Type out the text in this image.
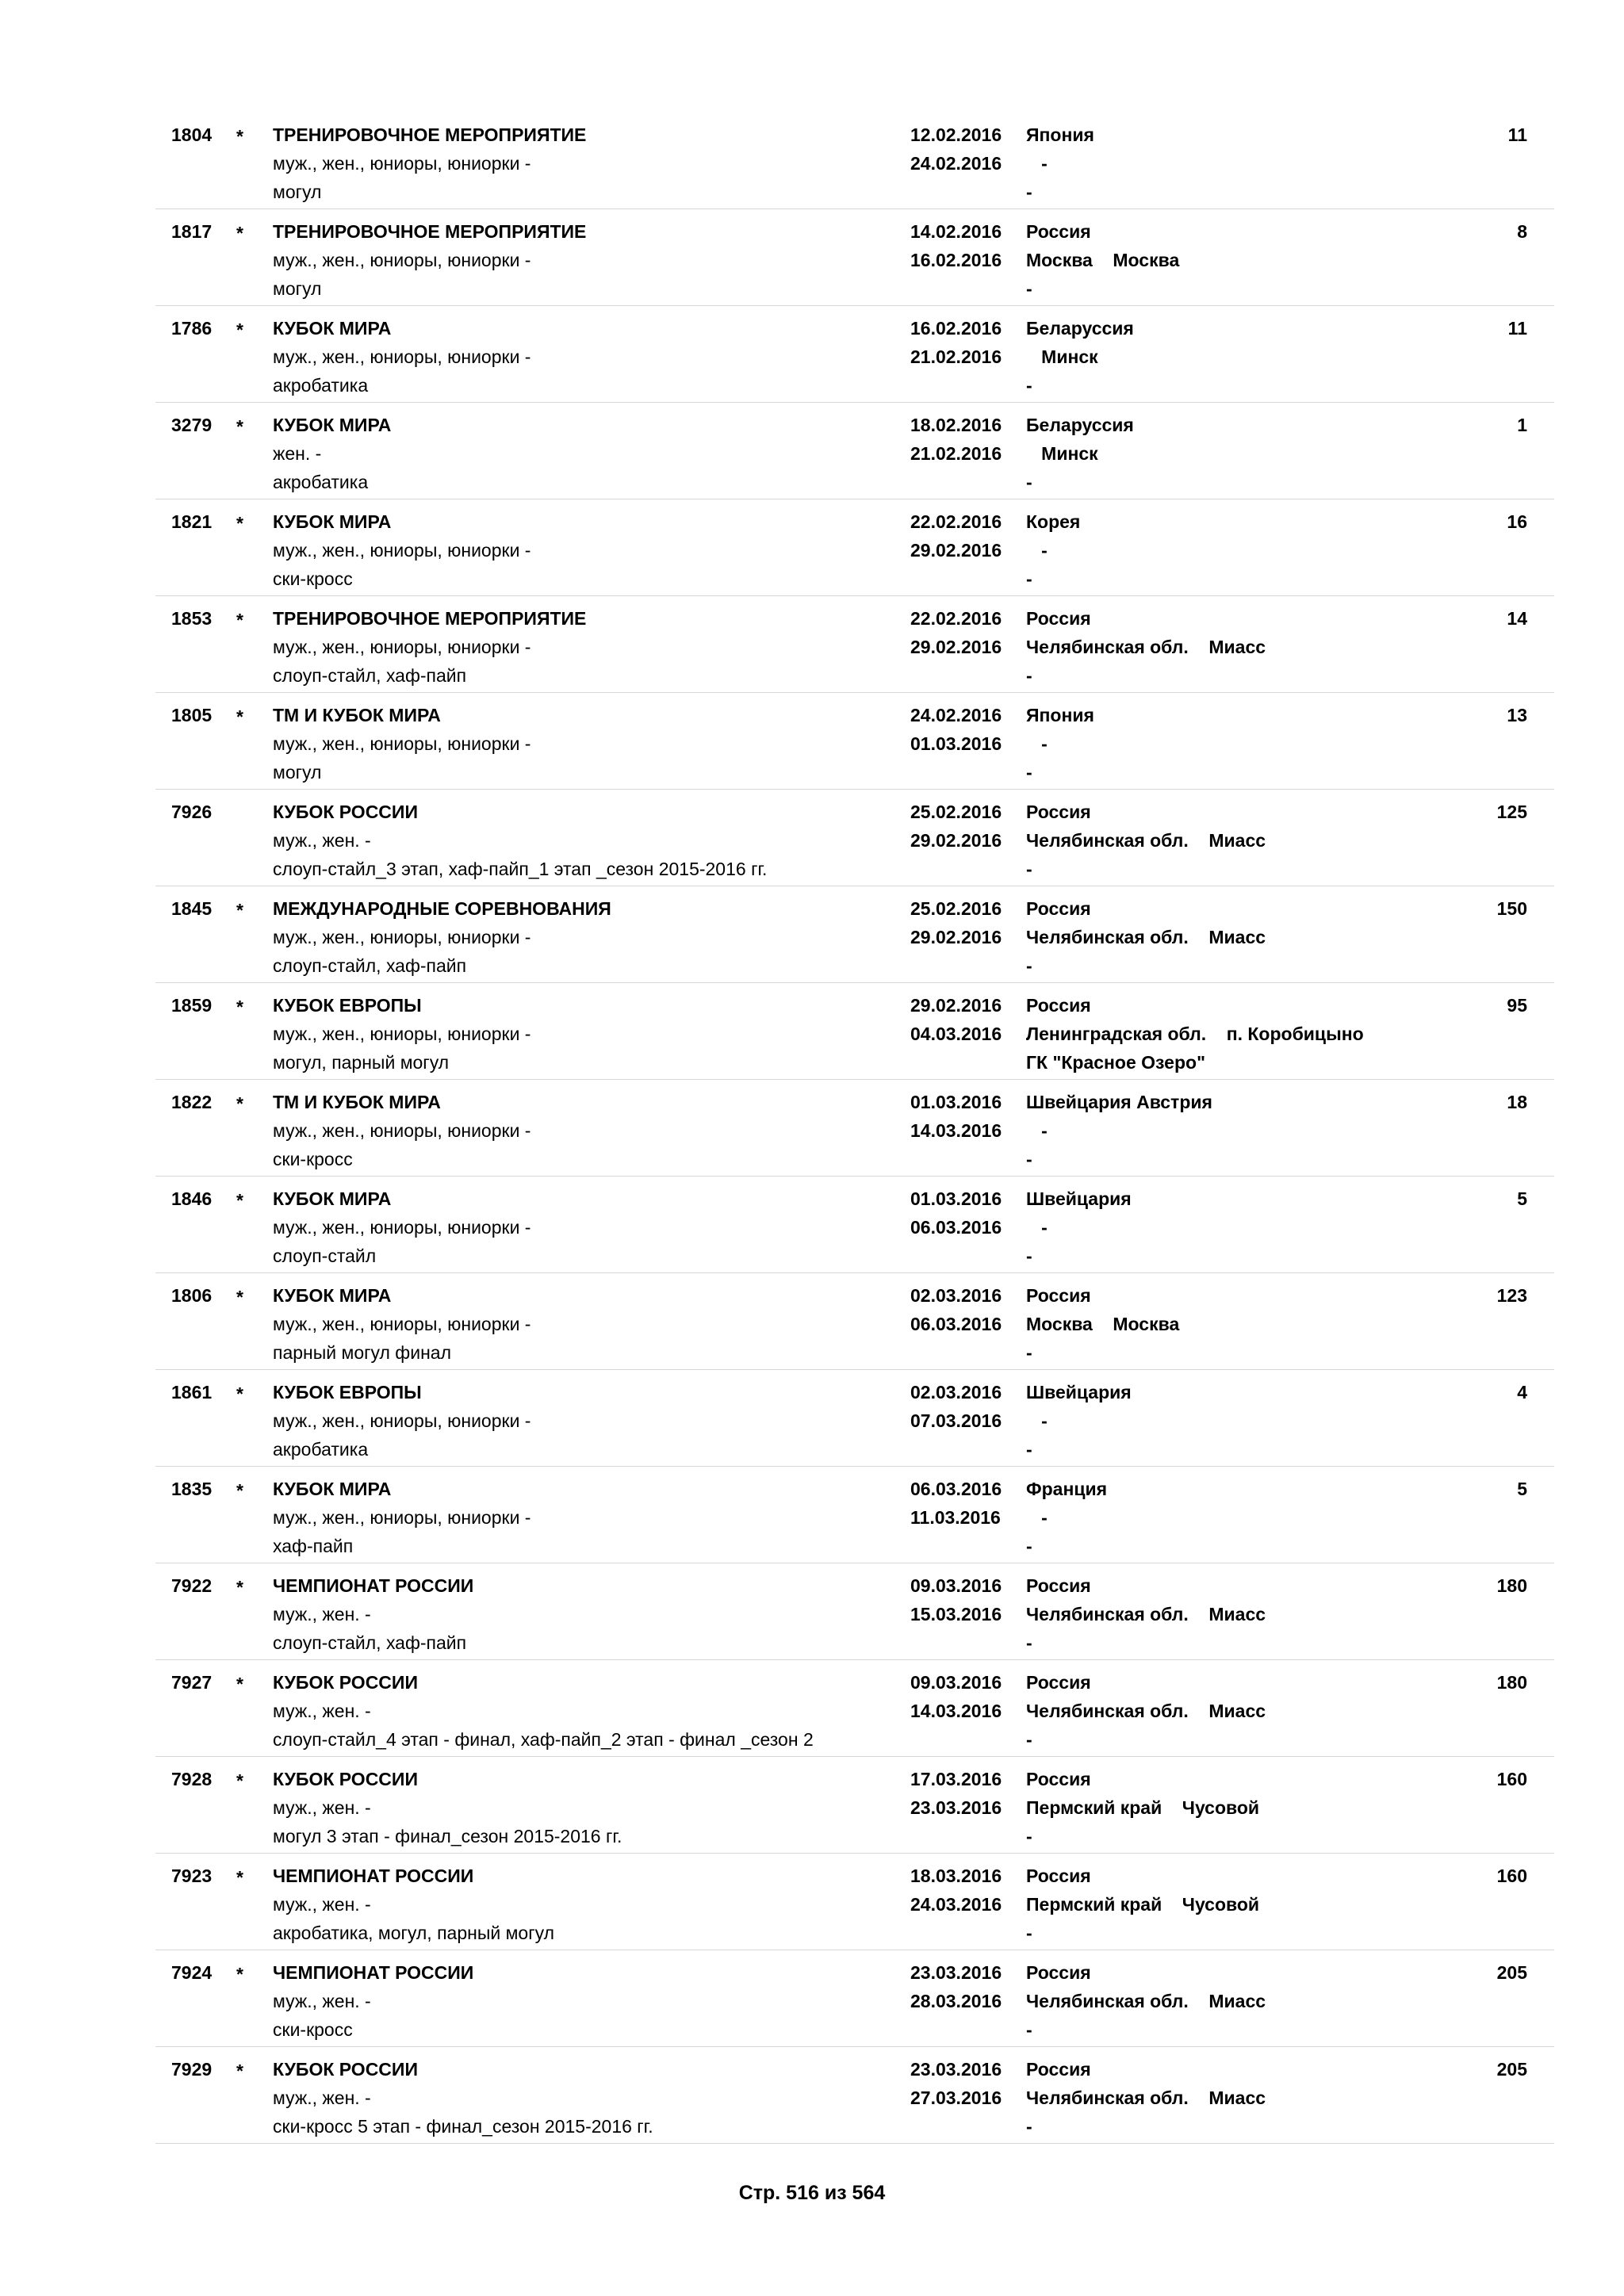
1804 * ТРЕНИРОВОЧНОЕ МЕРОПРИЯТИЕ
муж., жен., юниоры, юниорки -
могул
12.02.2016
24.02.2016
Япония
-
-
11
1817 * ТРЕНИРОВОЧНОЕ МЕРОПРИЯТИЕ
муж., жен., юниоры, юниорки -
могул
14.02.2016
16.02.2016
Россия
Москва    Москва
-
8
1786 * КУБОК МИРА
муж., жен., юниоры, юниорки -
акробатика
16.02.2016
21.02.2016
Беларуссия
Минск
-
11
3279 * КУБОК МИРА
жен. -
акробатика
18.02.2016
21.02.2016
Беларуссия
Минск
-
1
1821 * КУБОК МИРА
муж., жен., юниоры, юниорки -
ски-кросс
22.02.2016
29.02.2016
Корея
-
-
16
1853 * ТРЕНИРОВОЧНОЕ МЕРОПРИЯТИЕ
муж., жен., юниоры, юниорки -
слоуп-стайл, хаф-пайп
22.02.2016
29.02.2016
Россия
Челябинская обл.    Миасс
-
14
1805 * ТМ И КУБОК МИРА
муж., жен., юниоры, юниорки -
могул
24.02.2016
01.03.2016
Япония
-
-
13
7926	КУБОК РОССИИ
муж., жен. -
слоуп-стайл_3 этап, хаф-пайп_1 этап _сезон 2015-2016 гг.
25.02.2016
29.02.2016
Россия
Челябинская обл.    Миасс
-
125
1845 * МЕЖДУНАРОДНЫЕ СОРЕВНОВАНИЯ
муж., жен., юниоры, юниорки -
слоуп-стайл, хаф-пайп
25.02.2016
29.02.2016
Россия
Челябинская обл.    Миасс
-
150
1859 * КУБОК ЕВРОПЫ
муж., жен., юниоры, юниорки -
могул, парный могул
29.02.2016
04.03.2016
Россия
Ленинградская обл.    п. Коробицыно
ГК "Красное Озеро"
95
1822 * ТМ И КУБОК МИРА
муж., жен., юниоры, юниорки -
ски-кросс
01.03.2016
14.03.2016
Швейцария Австрия
-
-
18
1846 * КУБОК МИРА
муж., жен., юниоры, юниорки -
слоуп-стайл
01.03.2016
06.03.2016
Швейцария
-
-
5
1806 * КУБОК МИРА
муж., жен., юниоры, юниорки -
парный могул финал
02.03.2016
06.03.2016
Россия
Москва    Москва
-
123
1861 * КУБОК ЕВРОПЫ
муж., жен., юниоры, юниорки -
акробатика
02.03.2016
07.03.2016
Швейцария
-
-
4
1835 * КУБОК МИРА
муж., жен., юниоры, юниорки -
хаф-пайп
06.03.2016
11.03.2016
Франция
-
-
5
7922 * ЧЕМПИОНАТ РОССИИ
муж., жен. -
слоуп-стайл, хаф-пайп
09.03.2016
15.03.2016
Россия
Челябинская обл.    Миасс
-
180
7927 * КУБОК РОССИИ
муж., жен. -
слоуп-стайл_4 этап - финал, хаф-пайп_2 этап - финал _сезон 2
09.03.2016
14.03.2016
Россия
Челябинская обл.    Миасс
-
180
7928 * КУБОК РОССИИ
муж., жен. -
могул 3 этап - финал_сезон 2015-2016 гг.
17.03.2016
23.03.2016
Россия
Пермский край    Чусовой
-
160
7923 * ЧЕМПИОНАТ РОССИИ
муж., жен. -
акробатика, могул, парный могул
18.03.2016
24.03.2016
Россия
Пермский край    Чусовой
-
160
7924 * ЧЕМПИОНАТ РОССИИ
муж., жен. -
ски-кросс
23.03.2016
28.03.2016
Россия
Челябинская обл.    Миасс
-
205
7929 * КУБОК РОССИИ
муж., жен. -
ски-кросс 5 этап - финал_сезон 2015-2016 гг.
23.03.2016
27.03.2016
Россия
Челябинская обл.    Миасс
-
205
Стр. 516 из 564
